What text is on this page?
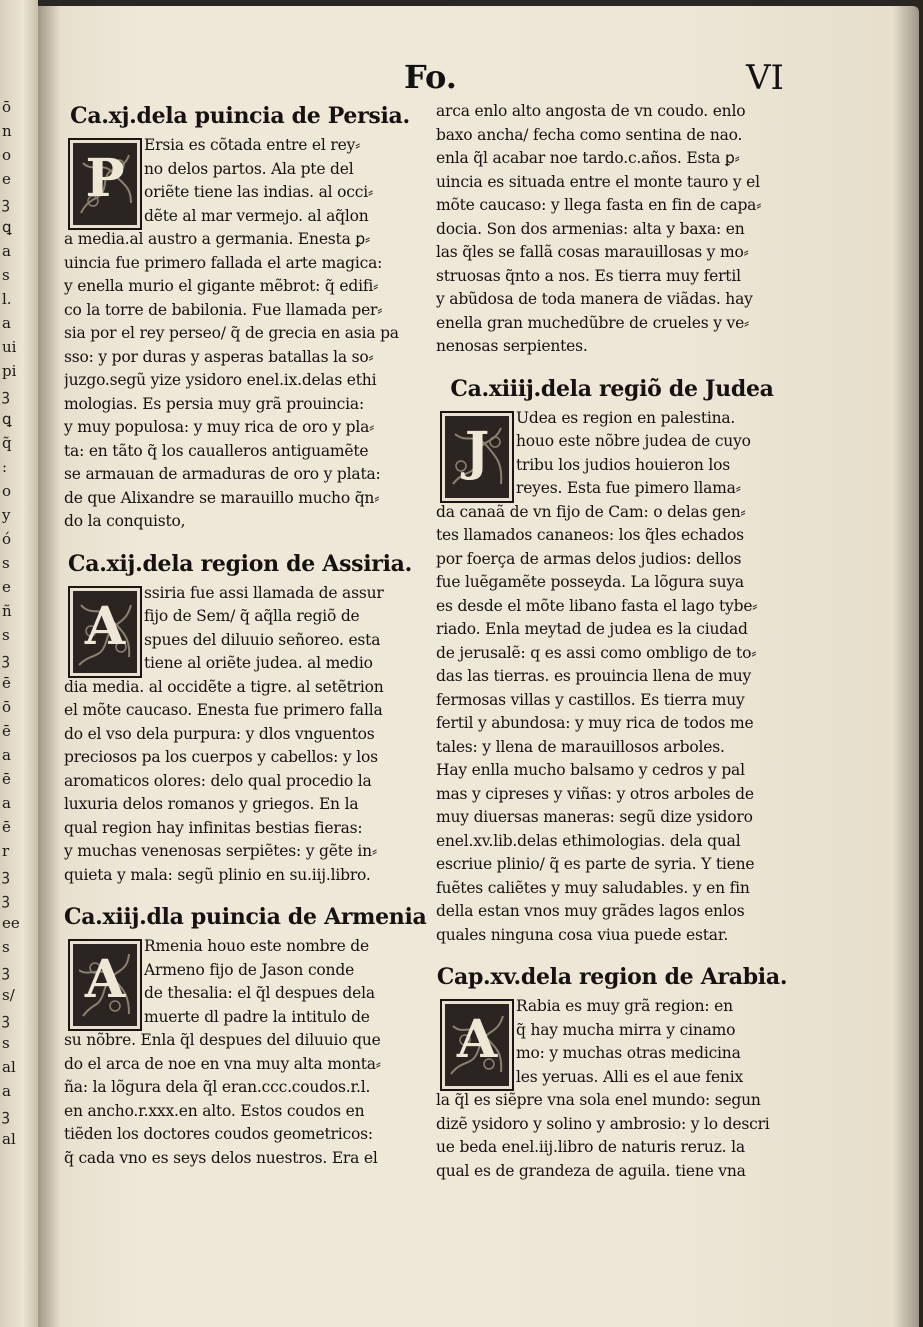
ō
n
o
e
ꝫ
ꝗ
a
s
l.
a
ui
pi
ꝫ
ꝗ
q̃
:
o
y
ó
s
e
ñ
s
ꝫ
ē
ō
ē
a
ē
a
ē
r
ꝫ
ꝫ
ee
s
ꝫ
s/
ꝫ
s
al
a
ꝫ
al
Fo.	VI
Ca.xj.dela puincia de Persia.
P
Ersia es cõtada entre el rey⸗
no delos partos. Ala pte del
oriẽte tiene las indias. al occi⸗
dẽte al mar vermejo. al aq̃lon
a media.al austro a germania. Enesta ꝑ⸗
uincia fue primero fallada el arte magica:
y enella murio el gigante mẽbrot: q̃ edifi⸗
co la torre de babilonia. Fue llamada per⸗
sia por el rey perseo/ q̃ de grecia en asia pa
sso: y por duras y asperas batallas la so⸗
juzgo.segũ yize ysidoro enel.ix.delas ethi
mologias. Es persia muy grã prouincia:
y muy populosa: y muy rica de oro y pla⸗
ta: en tãto q̃ los caualleros antiguamẽte
se armauan de armaduras de oro y plata:
de que Alixandre se marauillo mucho q̃n⸗
do la conquisto,
Ca.xij.dela region de Assiria.
A
ssiria fue assi llamada de assur
fijo de Sem/ q̃ aq̃lla regiõ de
spues del diluuio señoreo. esta
tiene al oriẽte judea. al medio
dia media. al occidẽte a tigre. al setẽtrion
el mõte caucaso. Enesta fue primero falla
do el vso dela purpura: y dlos vnguentos
preciosos pa los cuerpos y cabellos: y los
aromaticos olores: delo qual procedio la
luxuria delos romanos y griegos. En la
qual region hay infinitas bestias fieras:
y muchas venenosas serpiẽtes: y gẽte in⸗
quieta y mala: segũ plinio en su.iij.libro.
Ca.xiij.dla puincia de Armenia
A
Rmenia houo este nombre de
Armeno fijo de Jason conde
de thesalia: el q̃l despues dela
muerte dl padre la intitulo de
su nõbre. Enla q̃l despues del diluuio que
do el arca de noe en vna muy alta monta⸗
ña: la lõgura dela q̃l eran.ccc.coudos.r.l.
en ancho.r.xxx.en alto. Estos coudos en
tiẽden los doctores coudos geometricos:
q̃ cada vno es seys delos nuestros. Era el
arca enlo alto angosta de vn coudo. enlo
baxo ancha/ fecha como sentina de nao.
enla q̃l acabar noe tardo.c.años. Esta ꝑ⸗
uincia es situada entre el monte tauro y el
mõte caucaso: y llega fasta en fin de capa⸗
docia. Son dos armenias: alta y baxa: en
las q̃les se fallã cosas marauillosas y mo⸗
struosas q̃nto a nos. Es tierra muy fertil
y abũdosa de toda manera de viãdas. hay
enella gran muchedũbre de crueles y ve⸗
nenosas serpientes.
Ca.xiiij.dela regiõ de Judea
J
Udea es region en palestina.
houo este nõbre judea de cuyo
tribu los judios houieron los
reyes. Esta fue pimero llama⸗
da canaã de vn fijo de Cam: o delas gen⸗
tes llamados cananeos: los q̃les echados
por foerça de armas delos judios: dellos
fue luẽgamẽte posseyda. La lõgura suya
es desde el mõte libano fasta el lago tybe⸗
riado. Enla meytad de judea es la ciudad
de jerusalẽ: q es assi como ombligo de to⸗
das las tierras. es prouincia llena de muy
fermosas villas y castillos. Es tierra muy
fertil y abundosa: y muy rica de todos me
tales: y llena de marauillosos arboles.
Hay enlla mucho balsamo y cedros y pal
mas y cipreses y viñas: y otros arboles de
muy diuersas maneras: segũ dize ysidoro
enel.xv.lib.delas ethimologias. dela qual
escriue plinio/ q̃ es parte de syria. Y tiene
fuẽtes caliẽtes y muy saludables. y en fin
della estan vnos muy grãdes lagos enlos
quales ninguna cosa viua puede estar.
Cap.xv.dela region de Arabia.
A
Rabia es muy grã region: en
q̃ hay mucha mirra y cinamo
mo: y muchas otras medicina
les yeruas. Alli es el aue fenix
la q̃l es siẽpre vna sola enel mundo: segun
dizẽ ysidoro y solino y ambrosio: y lo descri
ue beda enel.iij.libro de naturis reruz. la
qual es de grandeza de aguila. tiene vna
